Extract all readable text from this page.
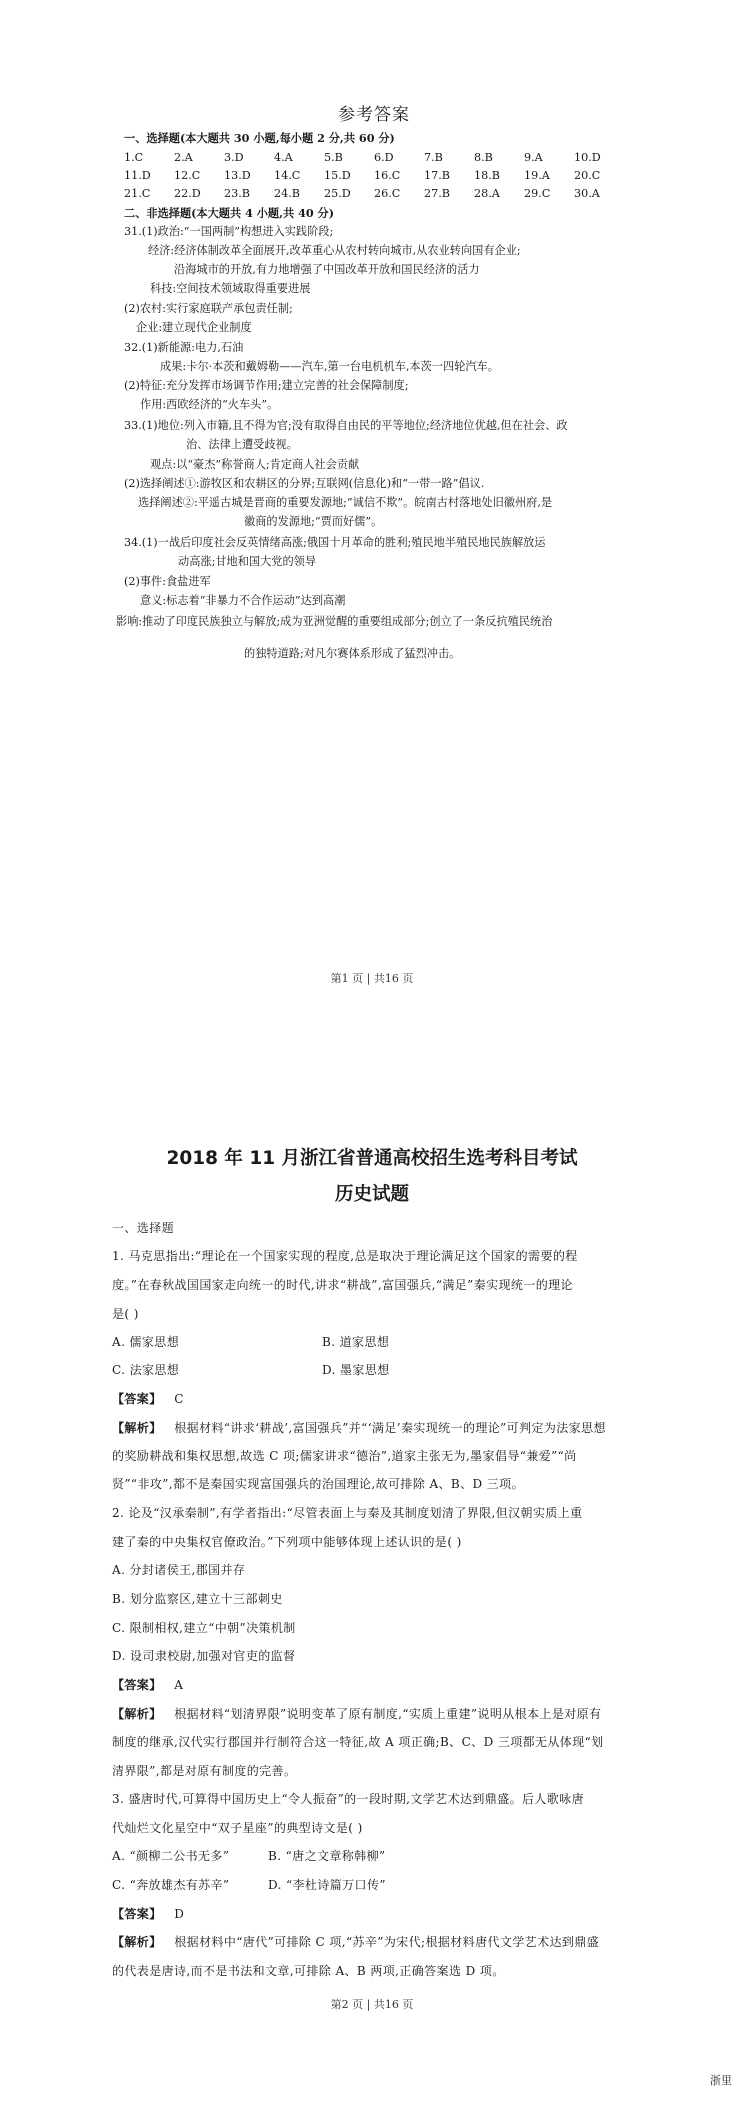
参考答案
一、选择题(本大题共 30 小题,每小题 2 分,共 60 分)
1.C	2.A	3.D	4.A	5.B	6.D	7.B	8.B	9.A	10.D
11.D	12.C	13.D	14.C	15.D	16.C	17.B	18.B	19.A	20.C
21.C	22.D	23.B	24.B	25.D	26.C	27.B	28.A	29.C	30.A
二、非选择题(本大题共 4 小题,共 40 分)
31.(1)政治:“一国两制”构想进入实践阶段;
经济:经济体制改革全面展开,改革重心从农村转向城市,从农业转向国有企业;
沿海城市的开放,有力地增强了中国改革开放和国民经济的活力
科技:空间技术领域取得重要进展
(2)农村:实行家庭联产承包责任制;
企业:建立现代企业制度
32.(1)新能源:电力,石油
成果:卡尔·本茨和戴姆勒——汽车,第一台电机机车,本茨一四轮汽车。
(2)特征:充分发挥市场调节作用;建立完善的社会保障制度;
作用:西欧经济的“火车头”。
33.(1)地位:列入市籍,且不得为官;没有取得自由民的平等地位;经济地位优越,但在社会、政
治、法律上遭受歧视。
观点:以“豪杰”称誉商人;肯定商人社会贡献
(2)选择阐述①:游牧区和农耕区的分界;互联网(信息化)和“一带一路”倡议.
选择阐述②:平遥古城是晋商的重要发源地;“诚信不欺”。皖南古村落地处旧徽州府,是
徽商的发源地;“贾而好儒”。
34.(1)一战后印度社会反英情绪高涨;俄国十月革命的胜利;殖民地半殖民地民族解放运
动高涨;甘地和国大党的领导
(2)事件:食盐进军
意义:标志着“非暴力不合作运动”达到高潮
影响:推动了印度民族独立与解放;成为亚洲觉醒的重要组成部分;创立了一条反抗殖民统治
的独特道路;对凡尔赛体系形成了猛烈冲击。
第1 页 | 共16 页
2018 年 11 月浙江省普通高校招生选考科目考试
历史试题
一、选择题
1. 马克思指出:“理论在一个国家实现的程度,总是取决于理论满足这个国家的需要的程
度。”在春秋战国国家走向统一的时代,讲求“耕战”,富国强兵,“满足”秦实现统一的理论
是( )
A. 儒家思想	B. 道家思想
C. 法家思想	D. 墨家思想
【答案】 C
【解析】 根据材料“讲求‘耕战’,富国强兵”并“‘满足’秦实现统一的理论”可判定为法家思想
的奖励耕战和集权思想,故选 C 项;儒家讲求“德治”,道家主张无为,墨家倡导“兼爱”“尚
贤”“非攻”,都不是秦国实现富国强兵的治国理论,故可排除 A、B、D 三项。
2. 论及“汉承秦制”,有学者指出:“尽管表面上与秦及其制度划清了界限,但汉朝实质上重
建了秦的中央集权官僚政治。”下列项中能够体现上述认识的是( )
A. 分封诸侯王,郡国并存
B. 划分监察区,建立十三部刺史
C. 限制相权,建立“中朝”决策机制
D. 设司隶校尉,加强对官吏的监督
【答案】 A
【解析】 根据材料“划清界限”说明变革了原有制度,“实质上重建”说明从根本上是对原有
制度的继承,汉代实行郡国并行制符合这一特征,故 A 项正确;B、C、D 三项都无从体现“划
清界限”,都是对原有制度的完善。
3. 盛唐时代,可算得中国历史上“令人振奋”的一段时期,文学艺术达到鼎盛。后人歌咏唐
代灿烂文化星空中“双子星座”的典型诗文是( )
A. “颜柳二公书无多”	B. “唐之文章称韩柳”
C. “奔放雄杰有苏辛”	D. “李杜诗篇万口传”
【答案】 D
【解析】 根据材料中“唐代”可排除 C 项,“苏辛”为宋代;根据材料唐代文学艺术达到鼎盛
的代表是唐诗,而不是书法和文章,可排除 A、B 两项,正确答案选 D 项。
第2 页 | 共16 页
浙里
